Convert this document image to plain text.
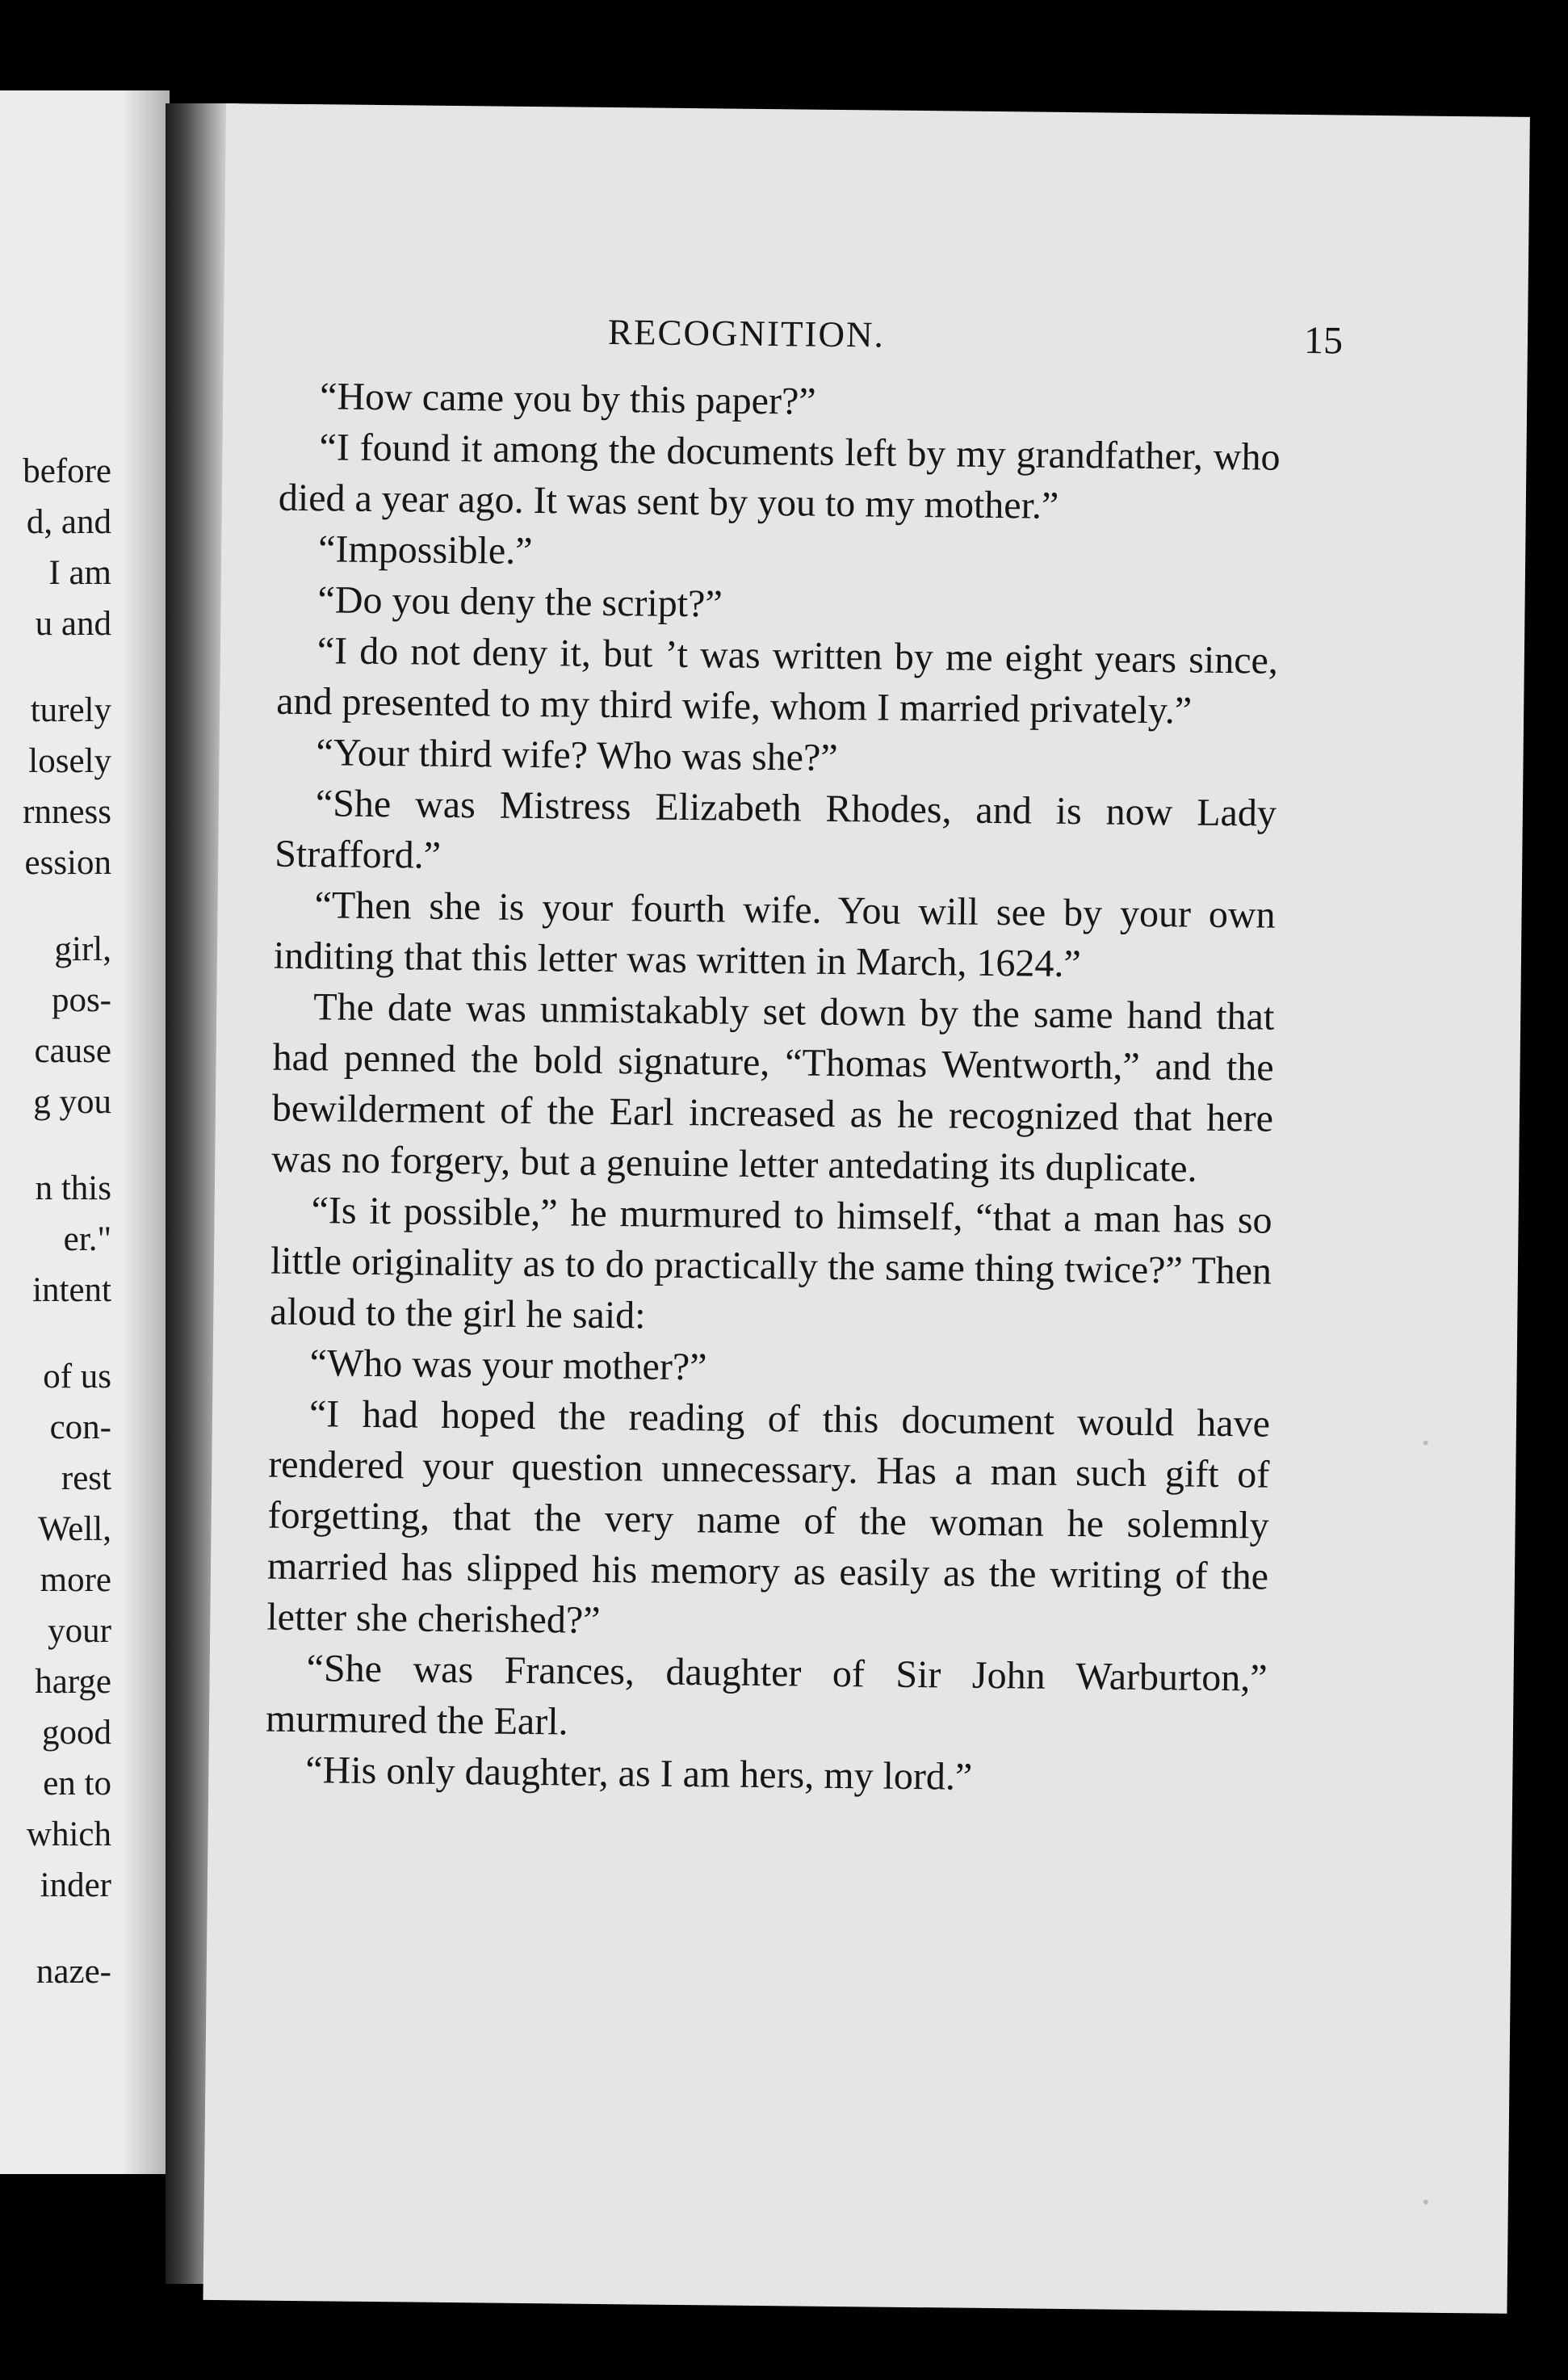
before
d, and
I am
u and
turely
losely
rnness
ession
girl,
pos-
cause
g you
n this
er."
intent
of us
con-
rest
Well,
more
your
harge
good
en to
which
inder
naze-
RECOGNITION.	15

“How came you by this paper?”

“I found it among the documents left by my grandfather, who died a year ago. It was sent by you to my mother.”

“Impossible.”

“Do you deny the script?”

“I do not deny it, but ’t was written by me eight years since, and presented to my third wife, whom I married privately.”

“Your third wife? Who was she?”

“She was Mistress Elizabeth Rhodes, and is now Lady Strafford.”

“Then she is your fourth wife. You will see by your own inditing that this letter was written in March, 1624.”

The date was unmistakably set down by the same hand that had penned the bold signature, “Thomas Wentworth,” and the bewilderment of the Earl increased as he recognized that here was no forgery, but a genuine letter antedating its duplicate.

“Is it possible,” he murmured to himself, “that a man has so little originality as to do practically the same thing twice?” Then aloud to the girl he said:

“Who was your mother?”

“I had hoped the reading of this document would have rendered your question unnecessary. Has a man such gift of forgetting, that the very name of the woman he solemnly married has slipped his memory as easily as the writing of the letter she cherished?”

“She was Frances, daughter of Sir John Warburton,” murmured the Earl.

“His only daughter, as I am hers, my lord.”
